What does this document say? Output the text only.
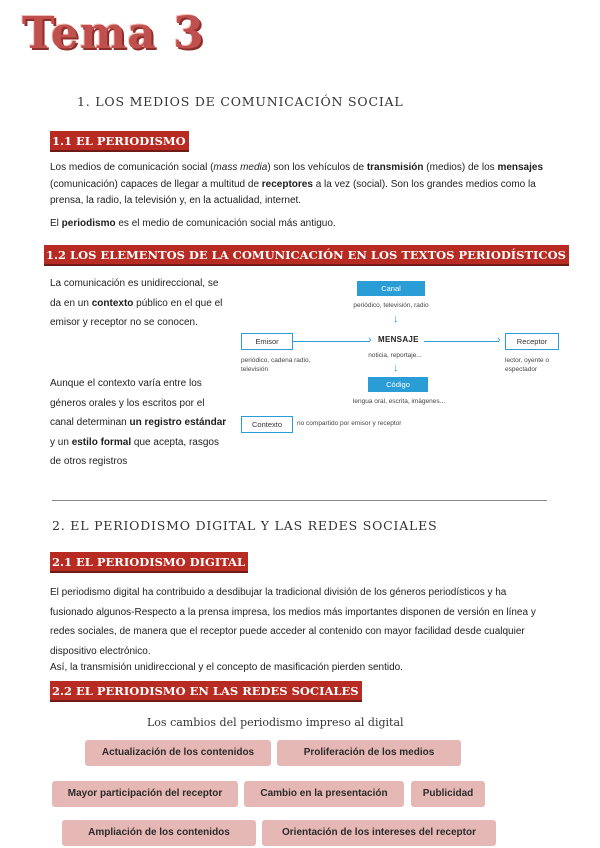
Tema 3
1. LOS MEDIOS DE COMUNICACIÓN SOCIAL
1.1 EL PERIODISMO
Los medios de comunicación social (mass media) son los vehículos de transmisión (medios) de los mensajes (comunicación) capaces de llegar a multitud de receptores a la vez (social). Son los grandes medios como la prensa, la radio, la televisión y, en la actualidad, internet.
El periodismo es el medio de comunicación social más antiguo.
1.2 LOS ELEMENTOS DE LA COMUNICACIÓN EN LOS TEXTOS PERIODÍSTICOS
La comunicación es unidireccional, se da en un contexto público en el que el emisor y receptor no se conocen.
Aunque el contexto varía entre los géneros orales y los escritos por el canal determinan un registro estándar y un estilo formal que acepta, rasgos de otros registros
Canal
periódico, televisión, radio
↓
Emisor
periódico, cadena radio, televisión
› MENSAJE
noticia, reportaje...
›	Receptor
lector, oyente o espectador
↓
Código
lengua oral, escrita, imágenes...
Contexto	no compartido por emisor y receptor
2. EL PERIODISMO DIGITAL Y LAS REDES SOCIALES
2.1 EL PERIODISMO DIGITAL
El periodismo digital ha contribuido a desdibujar la tradicional división de los géneros periodísticos y ha fusionado algunos-Respecto a la prensa impresa, los medios más importantes disponen de versión en línea y redes sociales, de manera que el receptor puede acceder al contenido con mayor facilidad desde cualquier dispositivo electrónico.
Así, la transmisión unidireccional y el concepto de masificación pierden sentido.
2.2 EL PERIODISMO EN LAS REDES SOCIALES
Los cambios del periodismo impreso al digital
Actualización de los contenidos	Proliferación de los medios
Mayor participación del receptor	Cambio en la presentación	Publicidad
Ampliación de los contenidos	Orientación de los intereses del receptor
